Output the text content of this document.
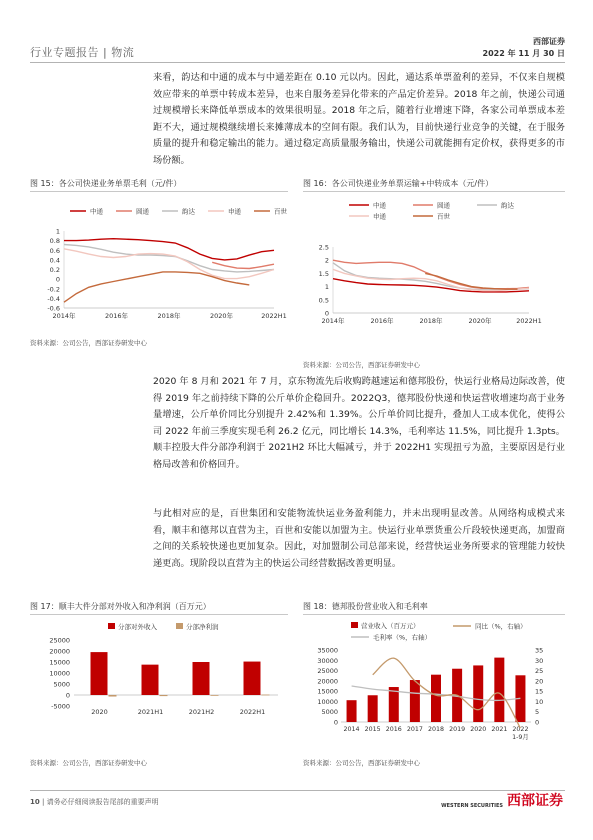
行业专题报告 | 物流
西部证券
2022 年 11 月 30 日
来看，韵达和中通的成本与中通差距在 0.10 元以内。因此，通达系单票盈利的差异，不仅来自规模效应带来的单票中转成本差异，也来自服务差异化带来的产品定价差异。2018 年之前，快递公司通过规模增长来降低单票成本的效果很明显。2018 年之后，随着行业增速下降，各家公司单票成本差距不大，通过规模继续增长来摊薄成本的空间有限。我们认为，目前快递行业竞争的关键，在于服务质量的提升和稳定输出的能力。通过稳定高质量服务输出，快递公司就能拥有定价权，获得更多的市场份额。
图 15：各公司快递业务单票毛利（元/件）
中通	圆通	韵达	申通	百世
-0.6
-0.4
-0.2
0
0.2
0.4
0.6
0.8
1
2014年	2016年	2018年	2020年	2022H1
资料来源：公司公告，西部证券研发中心
图 16：各公司快递业务单票运输+中转成本（元/件）
中通	圆通	韵达
申通	百世
0
0.5
1
1.5
2
2.5
2014年	2016年	2018年	2020年	2022H1
资料来源：公司公告，西部证券研发中心
2020 年 8 月和 2021 年 7 月，京东物流先后收购跨越速运和德邦股份，快运行业格局边际改善，使得 2019 年之前持续下降的公斤单价企稳回升。2022Q3，德邦股份快递和快运营收增速均高于业务量增速，公斤单价同比分别提升 2.42%和 1.39%。公斤单价同比提升，叠加人工成本优化，使得公司 2022 年前三季度实现毛利 26.2 亿元，同比增长 14.3%，毛利率达 11.5%，同比提升 1.3pts。顺丰控股大件分部净利润于 2021H2 环比大幅减亏，并于 2022H1 实现扭亏为盈，主要原因是行业格局改善和价格回升。
与此相对应的是，百世集团和安能物流快运业务盈利能力，并未出现明显改善。从网络构成模式来看，顺丰和德邦以直营为主，百世和安能以加盟为主。快运行业单票货重公斤段较快递更高，加盟商之间的关系较快递也更加复杂。因此，对加盟制公司总部来说，经营快运业务所要求的管理能力较快递更高。现阶段以直营为主的快运公司经营数据改善更明显。
图 17：顺丰大件分部对外收入和净利润（百万元）
分部对外收入	分部净利润
-5000
0
5000
10000
15000
20000
25000
2020	2021H1	2021H2	2022H1
资料来源：公司公告，西部证券研发中心
图 18：德邦股份营业收入和毛利率
营业收入（百万元）	同比（%，右轴）
毛利率（%，右轴）
0
5000
10000
15000
20000
25000
30000
35000
0
5
10
15
20
25
30
35
2014 2015 2016 2017 2018 2019 2020 2021 2022
1-9月
资料来源：公司公告，西部证券研发中心
10 | 请务必仔细阅读报告尾部的重要声明	WESTERN SECURITIES 西部证券
